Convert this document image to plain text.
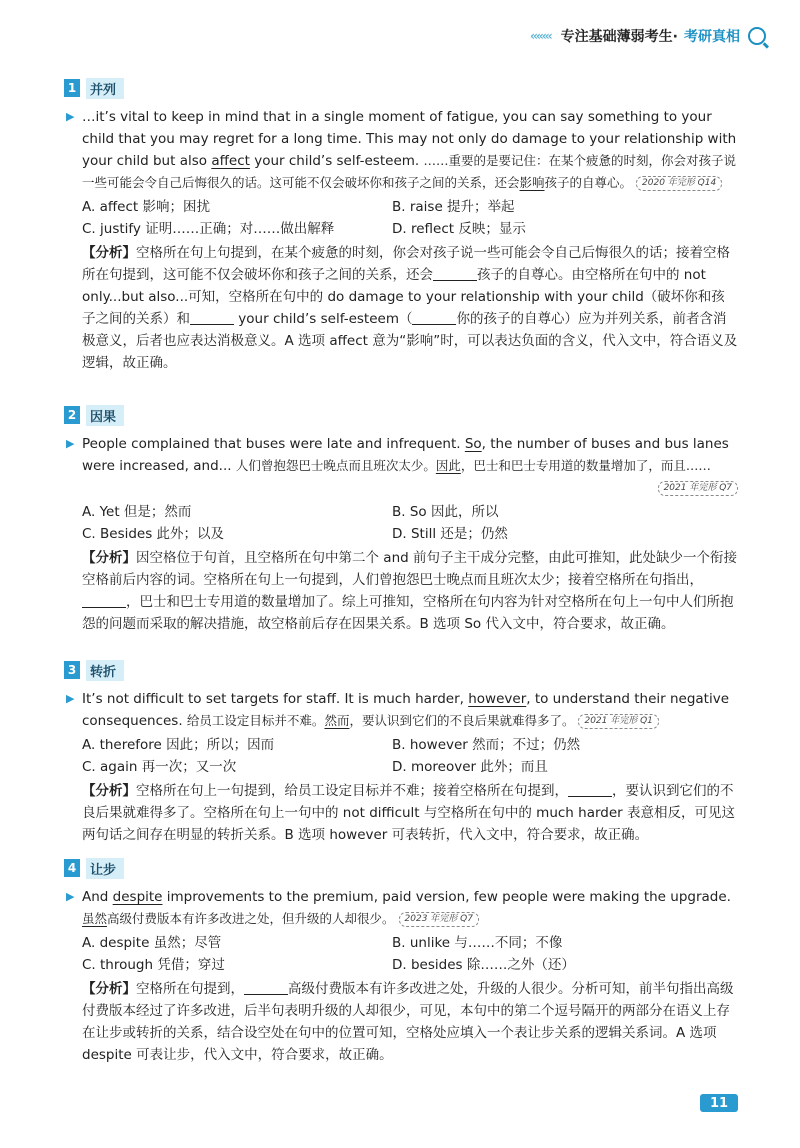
‹‹‹‹‹‹‹ 专注基础薄弱考生· 考研真相
1	并列
▶ …it’s vital to keep in mind that in a single moment of fatigue, you can say something to your child that you may regret for a long time. This may not only do damage to your relationship with your child but also affect your child’s self-esteem. ……重要的是要记住：在某个疲惫的时刻，你会对孩子说一些可能会令自己后悔很久的话。这可能不仅会破坏你和孩子之间的关系，还会影响孩子的自尊心。 2020 年完形 Q14
A. affect 影响；困扰	B. raise 提升；举起
C. justify 证明……正确；对……做出解释	D. reflect 反映；显示
【分析】空格所在句上句提到，在某个疲惫的时刻，你会对孩子说一些可能会令自己后悔很久的话；接着空格所在句提到，这可能不仅会破坏你和孩子之间的关系，还会	孩子的自尊心。由空格所在句中的 not only...but also...可知，空格所在句中的 do damage to your relationship with your child（破坏你和孩子之间的关系）和	your child’s self-esteem（	你的孩子的自尊心）应为并列关系，前者含消极意义，后者也应表达消极意义。A 选项 affect 意为“影响”时，可以表达负面的含义，代入文中，符合语义及逻辑，故正确。
2	因果
▶ People complained that buses were late and infrequent. So, the number of buses and bus lanes were increased, and... 人们曾抱怨巴士晚点而且班次太少。因此，巴士和巴士专用道的数量增加了，而且……
2021 年完形 Q7
A. Yet 但是；然而	B. So 因此，所以
C. Besides 此外；以及	D. Still 还是；仍然
【分析】因空格位于句首，且空格所在句中第二个 and 前句子主干成分完整，由此可推知，此处缺少一个衔接空格前后内容的词。空格所在句上一句提到，人们曾抱怨巴士晚点而且班次太少；接着空格所在句指出，，巴士和巴士专用道的数量增加了。综上可推知，空格所在句内容为针对空格所在句上一句中人们所抱怨的问题而采取的解决措施，故空格前后存在因果关系。B 选项 So 代入文中，符合要求，故正确。
3	转折
▶ It’s not difficult to set targets for staff. It is much harder, however, to understand their negative consequences. 给员工设定目标并不难。然而，要认识到它们的不良后果就难得多了。 2021 年完形 Q1
A. therefore 因此；所以；因而	B. however 然而；不过；仍然
C. again 再一次；又一次	D. moreover 此外；而且
【分析】空格所在句上一句提到，给员工设定目标并不难；接着空格所在句提到，	，要认识到它们的不良后果就难得多了。空格所在句上一句中的 not difficult 与空格所在句中的 much harder 表意相反，可见这两句话之间存在明显的转折关系。B 选项 however 可表转折，代入文中，符合要求，故正确。
4	让步
▶ And despite improvements to the premium, paid version, few people were making the upgrade. 虽然高级付费版本有许多改进之处，但升级的人却很少。 2023 年完形 Q7
A. despite 虽然；尽管	B. unlike 与……不同；不像
C. through 凭借；穿过	D. besides 除……之外（还）
【分析】空格所在句提到，	高级付费版本有许多改进之处，升级的人很少。分析可知，前半句指出高级付费版本经过了许多改进，后半句表明升级的人却很少，可见，本句中的第二个逗号隔开的两部分在语义上存在让步或转折的关系，结合设空处在句中的位置可知，空格处应填入一个表让步关系的逻辑关系词。A 选项 despite 可表让步，代入文中，符合要求，故正确。
11
